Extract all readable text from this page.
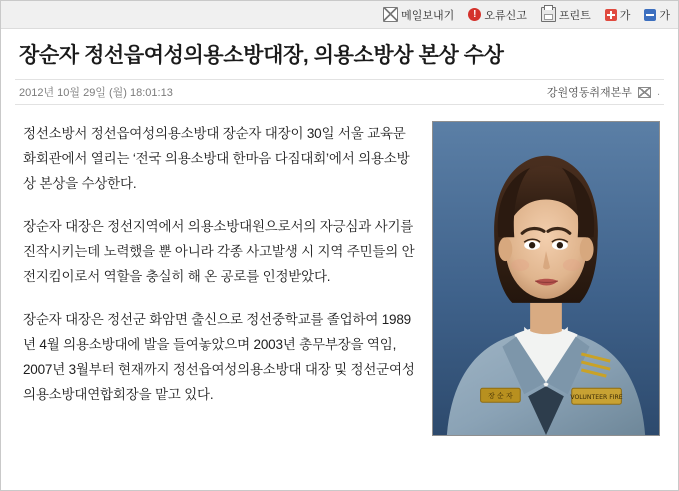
메일보내기	! 오류신고	프린트	가	가
장순자 정선읍여성의용소방대장, 의용소방상 본상 수상
2012년 10월 29일 (월) 18:01:13	강원영동취재본부 .
장 순 자	VOLUNTEER FIRE

정선소방서 정선읍여성의용소방대 장순자 대장이 30일 서울 교육문화회관에서 열리는 ‘전국 의용소방대 한마음 다짐대회’에서 의용소방상 본상을 수상한다.

장순자 대장은 정선지역에서 의용소방대원으로서의 자긍심과 사기를 진작시키는데 노력했을 뿐 아니라 각종 사고발생 시 지역 주민들의 안전지킴이로서 역할을 충실히 해 온 공로를 인정받았다.

장순자 대장은 정선군 화암면 출신으로 정선중학교를 졸업하여 1989년 4월 의용소방대에 발을 들여놓았으며 2003년 총무부장을 역임, 2007년 3월부터 현재까지 정선읍여성의용소방대 대장 및 정선군여성의용소방대연합회장을 맡고 있다.
